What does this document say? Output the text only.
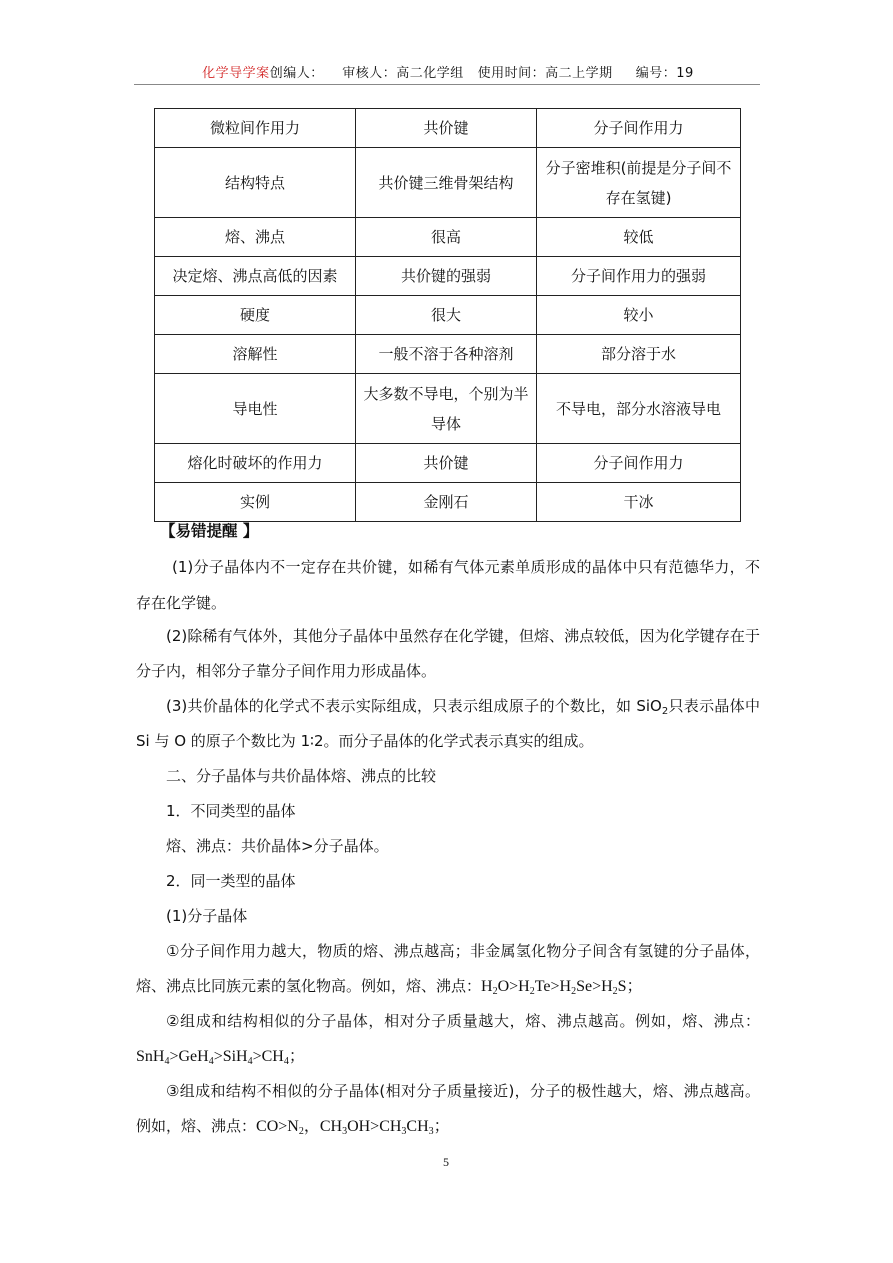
化学导学案创编人：    审核人：高二化学组   使用时间：高二上学期     编号：19
微粒间作用力	共价键	分子间作用力
结构特点	共价键三维骨架结构	分子密堆积(前提是分子间不存在氢键)
熔、沸点	很高	较低
决定熔、沸点高低的因素	共价键的强弱	分子间作用力的强弱
硬度	很大	较小
溶解性	一般不溶于各种溶剂	部分溶于水
导电性	大多数不导电，个别为半导体	不导电，部分水溶液导电
熔化时破坏的作用力	共价键	分子间作用力
实例	金刚石	干冰

【易错提醒 】

(1)分子晶体内不一定存在共价键，如稀有气体元素单质形成的晶体中只有范德华力，不存在化学键。

(2)除稀有气体外，其他分子晶体中虽然存在化学键，但熔、沸点较低，因为化学键存在于分子内，相邻分子靠分子间作用力形成晶体。

(3)共价晶体的化学式不表示实际组成，只表示组成原子的个数比，如 SiO$_2$只表示晶体中 Si 与 O 的原子个数比为 1∶2。而分子晶体的化学式表示真实的组成。

二、分子晶体与共价晶体熔、沸点的比较

1．不同类型的晶体

熔、沸点：共价晶体>分子晶体。

2．同一类型的晶体

(1)分子晶体

①分子间作用力越大，物质的熔、沸点越高；非金属氢化物分子间含有氢键的分子晶体，熔、沸点比同族元素的氢化物高。例如，熔、沸点：$H_2O>H_2Te>H_2Se>H_2S$；

②组成和结构相似的分子晶体，相对分子质量越大，熔、沸点越高。例如，熔、沸点：$SnH_4>GeH_4>SiH_4>CH_4$；

③组成和结构不相似的分子晶体(相对分子质量接近)，分子的极性越大，熔、沸点越高。例如，熔、沸点：$CO>N_2$，$CH_3OH>CH_3CH_3$；

5
